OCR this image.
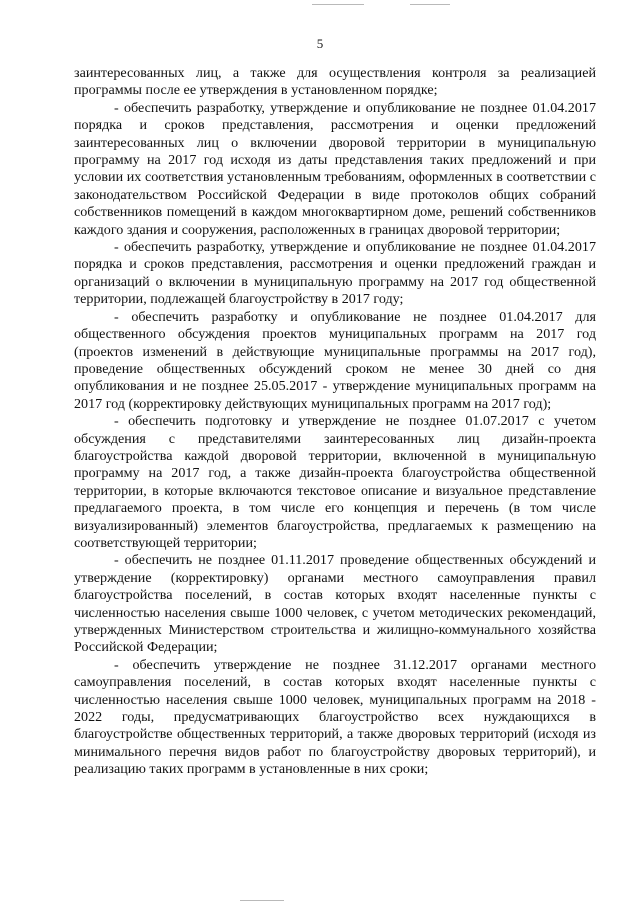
5

заинтересованных лиц, а также для осуществления контроля за реализацией программы после ее утверждения в установленном порядке;

- обеспечить разработку, утверждение и опубликование не позднее 01.04.2017 порядка и сроков представления, рассмотрения и оценки предложений заинтересованных лиц о включении дворовой территории в муниципальную программу на 2017 год исходя из даты представления таких предложений и при условии их соответствия установленным требованиям, оформленных в соответствии с законодательством Российской Федерации в виде протоколов общих собраний собственников помещений в каждом многоквартирном доме, решений собственников каждого здания и сооружения, расположенных в границах дворовой территории;

- обеспечить разработку, утверждение и опубликование не позднее 01.04.2017 порядка и сроков представления, рассмотрения и оценки предложений граждан и организаций о включении в муниципальную программу на 2017 год общественной территории, подлежащей благоустройству в 2017 году;

- обеспечить разработку и опубликование не позднее 01.04.2017 для общественного обсуждения проектов муниципальных программ на 2017 год (проектов изменений в действующие муниципальные программы на 2017 год), проведение общественных обсуждений сроком не менее 30 дней со дня опубликования и не позднее 25.05.2017 - утверждение муниципальных программ на 2017 год (корректировку действующих муниципальных программ на 2017 год);

- обеспечить подготовку и утверждение не позднее 01.07.2017 с учетом обсуждения с представителями заинтересованных лиц дизайн-проекта благоустройства каждой дворовой территории, включенной в муниципальную программу на 2017 год, а также дизайн-проекта благоустройства общественной территории, в которые включаются текстовое описание и визуальное представление предлагаемого проекта, в том числе его концепция и перечень (в том числе визуализированный) элементов благоустройства, предлагаемых к размещению на соответствующей территории;

- обеспечить не позднее 01.11.2017 проведение общественных обсуждений и утверждение (корректировку) органами местного самоуправления правил благоустройства поселений, в состав которых входят населенные пункты с численностью населения свыше 1000 человек, с учетом методических рекомендаций, утвержденных Министерством строительства и жилищно-коммунального хозяйства Российской Федерации;

- обеспечить утверждение не позднее 31.12.2017 органами местного самоуправления поселений, в состав которых входят населенные пункты с численностью населения свыше 1000 человек, муниципальных программ на 2018 - 2022 годы, предусматривающих благоустройство всех нуждающихся в благоустройстве общественных территорий, а также дворовых территорий (исходя из минимального перечня видов работ по благоустройству дворовых территорий), и реализацию таких программ в установленные в них сроки;
